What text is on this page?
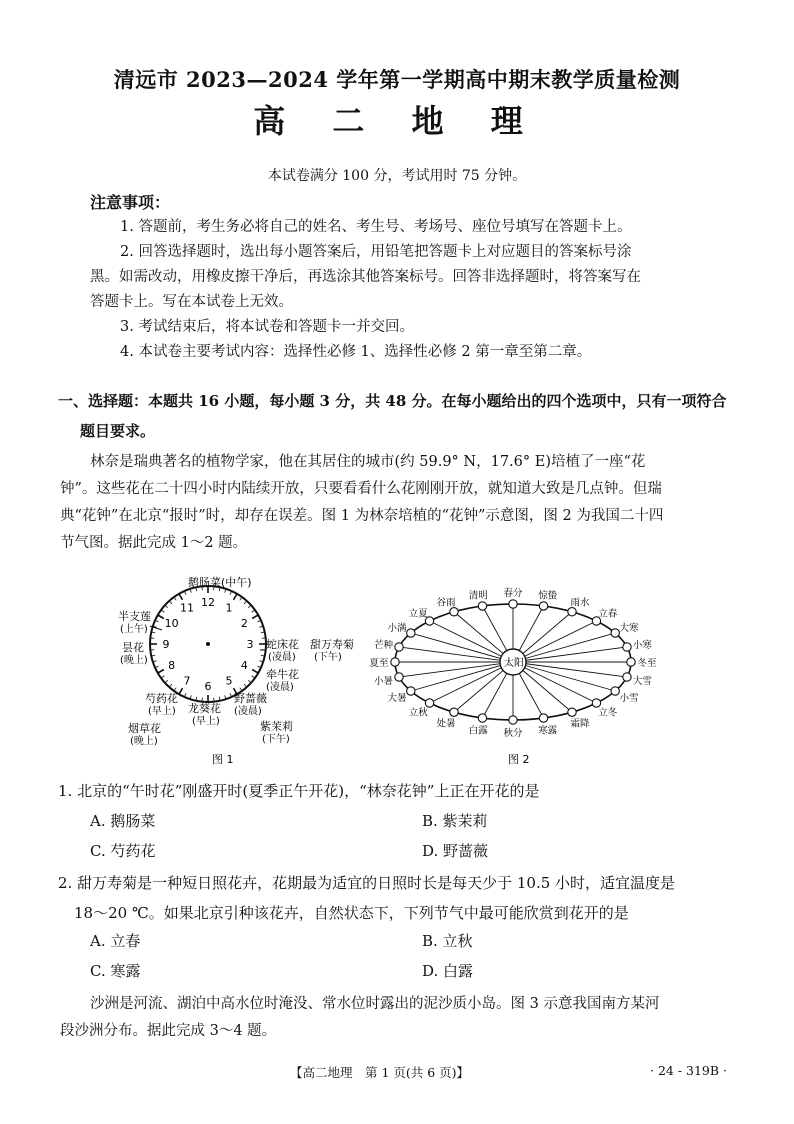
清远市 2023—2024 学年第一学期高中期末教学质量检测
高 二 地 理
本试卷满分 100 分，考试用时 75 分钟。
注意事项：
1. 答题前，考生务必将自己的姓名、考生号、考场号、座位号填写在答题卡上。
2. 回答选择题时，选出每小题答案后，用铅笔把答题卡上对应题目的答案标号涂
黑。如需改动，用橡皮擦干净后，再选涂其他答案标号。回答非选择题时，将答案写在
答题卡上。写在本试卷上无效。
3. 考试结束后，将本试卷和答题卡一并交回。
4. 本试卷主要考试内容：选择性必修 1、选择性必修 2 第一章至第二章。
一、选择题：本题共 16 小题，每小题 3 分，共 48 分。在每小题给出的四个选项中，只有一项符合
题目要求。
林奈是瑞典著名的植物学家，他在其居住的城市(约 59.9° N，17.6° E)培植了一座“花
钟”。这些花在二十四小时内陆续开放，只要看看什么花刚刚开放，就知道大致是几点钟。但瑞
典“花钟”在北京“报时”时，却存在误差。图 1 为林奈培植的“花钟”示意图，图 2 为我国二十四
节气图。据此完成 1～2 题。
12 1
2
3
4
5
6
7
8
9
10
11
鹅肠菜(中午)
半支莲
(上午)
昙花
(晚上)
芍药花
(早上)
烟草花
(晚上)
龙葵花
(早上)
蛇床花
(凌晨)
甜万寿菊
(下午)
牵牛花
(凌晨)
野蔷薇
(凌晨)
紫茉莉
(下午)
图 1
春分
清明
谷雨
立夏
小满
芒种
夏至
小暑
大暑
立秋
处暑
白露 秋分 寒露
霜降
立冬
小雪
大雪
冬至
小寒
大寒
立春
雨水
惊蛰
太阳
图 2
1. 北京的“午时花”刚盛开时(夏季正午开花)，“林奈花钟”上正在开花的是
A. 鹅肠菜	B. 紫茉莉
C. 芍药花	D. 野蔷薇
2. 甜万寿菊是一种短日照花卉，花期最为适宜的日照时长是每天少于 10.5 小时，适宜温度是
18～20 ℃。如果北京引种该花卉，自然状态下，下列节气中最可能欣赏到花开的是
A. 立春	B. 立秋
C. 寒露	D. 白露
沙洲是河流、湖泊中高水位时淹没、常水位时露出的泥沙质小岛。图 3 示意我国南方某河
段沙洲分布。据此完成 3～4 题。
【高二地理　第 1 页(共 6 页)】	· 24 - 319B ·
